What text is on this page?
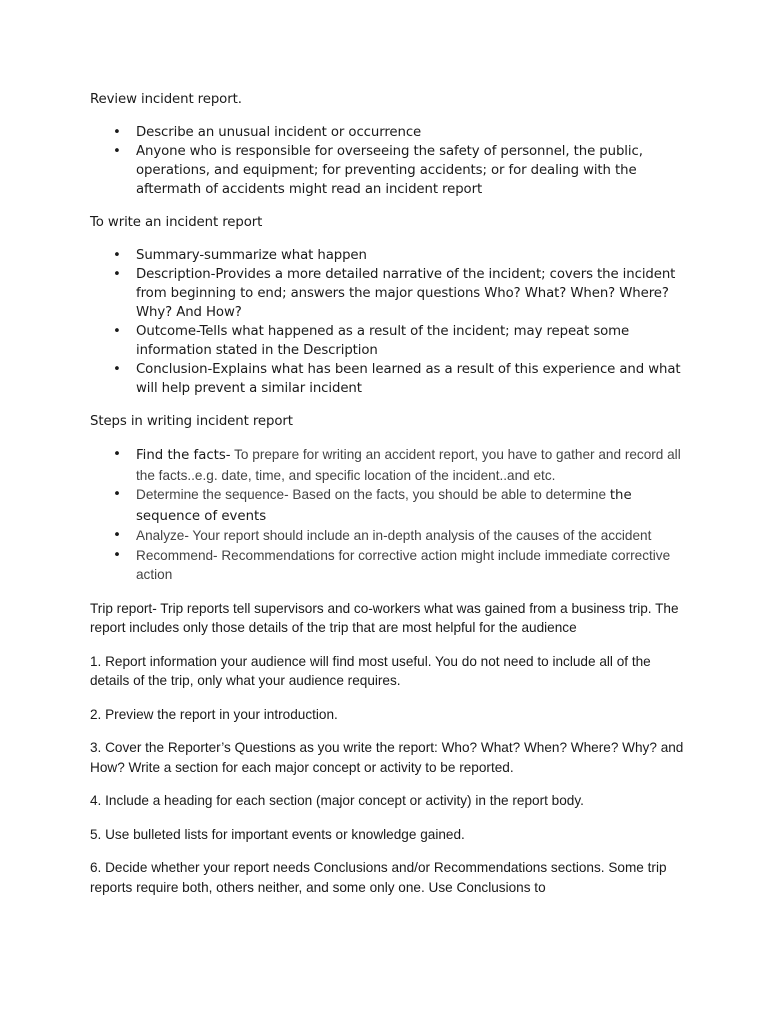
Review incident report.

• Describe an unusual incident or occurrence
• Anyone who is responsible for overseeing the safety of personnel, the public, operations, and equipment; for preventing accidents; or for dealing with the aftermath of accidents might read an incident report

To write an incident report

• Summary-summarize what happen
• Description-Provides a more detailed narrative of the incident; covers the incident from beginning to end; answers the major questions Who? What? When? Where? Why? And How?
• Outcome-Tells what happened as a result of the incident; may repeat some information stated in the Description
• Conclusion-Explains what has been learned as a result of this experience and what will help prevent a similar incident

Steps in writing incident report

• Find the facts- To prepare for writing an accident report, you have to gather and record all the facts..e.g. date, time, and specific location of the incident..and etc.
• Determine the sequence- Based on the facts, you should be able to determine the sequence of events
• Analyze- Your report should include an in-depth analysis of the causes of the accident
• Recommend- Recommendations for corrective action might include immediate corrective action

Trip report- Trip reports tell supervisors and co-workers what was gained from a business trip. The report includes only those details of the trip that are most helpful for the audience

1. Report information your audience will find most useful. You do not need to include all of the details of the trip, only what your audience requires.

2. Preview the report in your introduction.

3. Cover the Reporter’s Questions as you write the report: Who? What? When? Where? Why? and How? Write a section for each major concept or activity to be reported.

4. Include a heading for each section (major concept or activity) in the report body.

5. Use bulleted lists for important events or knowledge gained.

6. Decide whether your report needs Conclusions and/or Recommendations sections. Some trip reports require both, others neither, and some only one. Use Conclusions to
